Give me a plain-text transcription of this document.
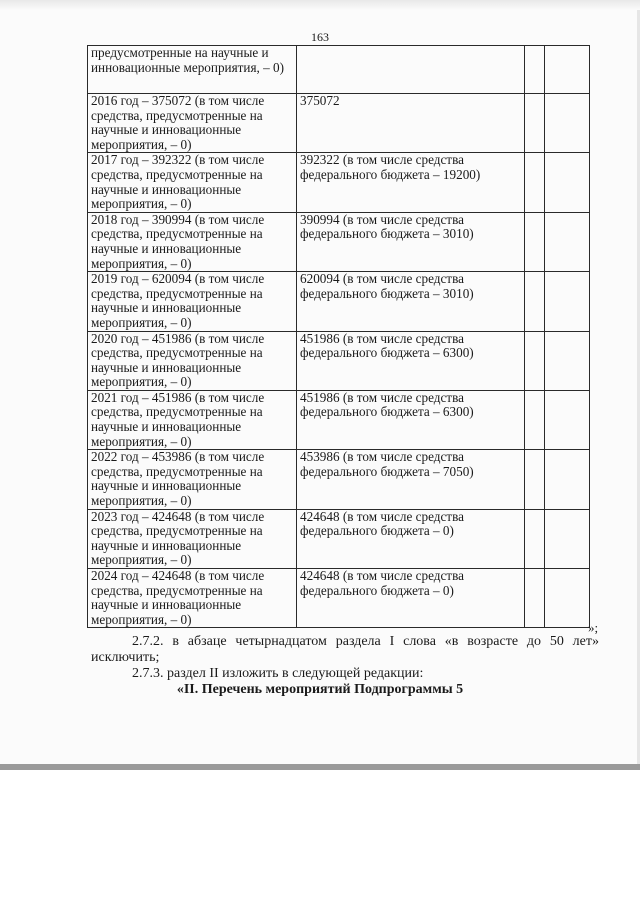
163
предусмотренные на научные и инновационные мероприятия, – 0)			
2016 год – 375072 (в том числе средства, предусмотренные на научные и инновационные мероприятия, – 0)	375072		
2017 год – 392322 (в том числе средства, предусмотренные на научные и инновационные мероприятия, – 0)	392322 (в том числе средства федерального бюджета – 19200)		
2018 год – 390994 (в том числе средства, предусмотренные на научные и инновационные мероприятия, – 0)	390994 (в том числе средства федерального бюджета – 3010)		
2019 год – 620094 (в том числе средства, предусмотренные на научные и инновационные мероприятия, – 0)	620094 (в том числе средства федерального бюджета – 3010)		
2020 год – 451986 (в том числе средства, предусмотренные на научные и инновационные мероприятия, – 0)	451986 (в том числе средства федерального бюджета – 6300)		
2021 год – 451986 (в том числе средства, предусмотренные на научные и инновационные мероприятия, – 0)	451986 (в том числе средства федерального бюджета – 6300)		
2022 год – 453986 (в том числе средства, предусмотренные на научные и инновационные мероприятия, – 0)	453986 (в том числе средства федерального бюджета – 7050)		
2023 год – 424648 (в том числе средства, предусмотренные на научные и инновационные мероприятия, – 0)	424648 (в том числе средства федерального бюджета – 0)		
2024 год – 424648 (в том числе средства, предусмотренные на научные и инновационные мероприятия, – 0)	424648 (в том числе средства федерального бюджета – 0)		
»;
2.7.2. в абзаце четырнадцатом раздела I слова «в возрасте до 50 лет» исключить;
2.7.3. раздел II изложить в следующей редакции:
«II. Перечень мероприятий Подпрограммы 5
